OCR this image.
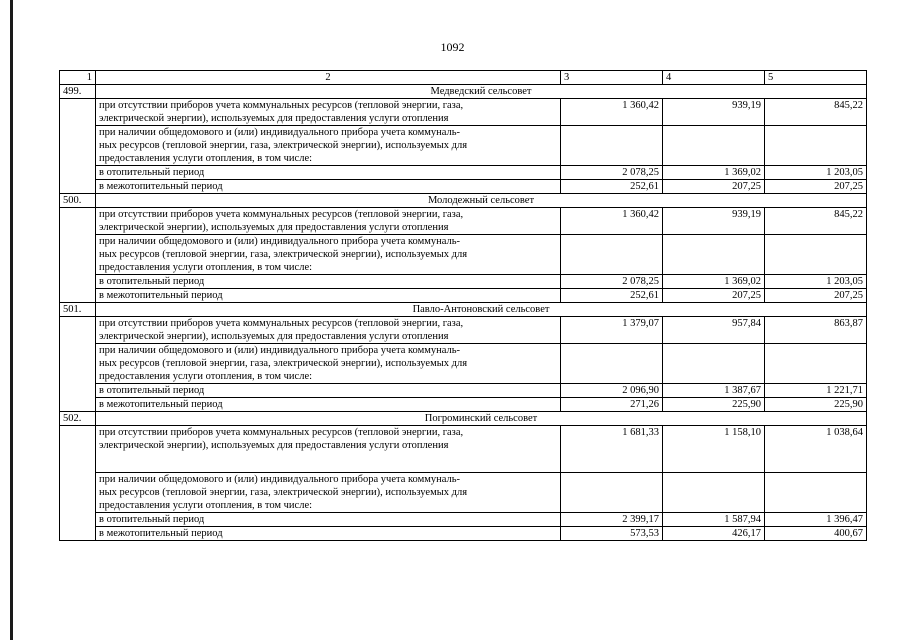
1092
1	2	3	4	5
499.	Медведский сельсовет			

	при отсутствии приборов учета коммунальных ресурсов (тепловой энергии, газа,
электрической энергии), используемых для предоставления услуги отопления	1 360,42	939,19	845,22

	при наличии общедомового и (или) индивидуального прибора учета коммуналь-
ных ресурсов (тепловой энергии, газа, электрической энергии), используемых для
предоставления услуги отопления, в том числе:			

	в отопительный период	2 078,25	1 369,02	1 203,05

	в межотопительный период	252,61	207,25	207,25
500.	Молодежный сельсовет			

	при отсутствии приборов учета коммунальных ресурсов (тепловой энергии, газа,
электрической энергии), используемых для предоставления услуги отопления	1 360,42	939,19	845,22

	при наличии общедомового и (или) индивидуального прибора учета коммуналь-
ных ресурсов (тепловой энергии, газа, электрической энергии), используемых для
предоставления услуги отопления, в том числе:			

	в отопительный период	2 078,25	1 369,02	1 203,05

	в межотопительный период	252,61	207,25	207,25
501.	Павло-Антоновский сельсовет			

	при отсутствии приборов учета коммунальных ресурсов (тепловой энергии, газа,
электрической энергии), используемых для предоставления услуги отопления	1 379,07	957,84	863,87

	при наличии общедомового и (или) индивидуального прибора учета коммуналь-
ных ресурсов (тепловой энергии, газа, электрической энергии), используемых для
предоставления услуги отопления, в том числе:			

	в отопительный период	2 096,90	1 387,67	1 221,71

	в межотопительный период	271,26	225,90	225,90
502.	Погроминский сельсовет			

	при отсутствии приборов учета коммунальных ресурсов (тепловой энергии, газа,
электрической энергии), используемых для предоставления услуги отопления	1 681,33	1 158,10	1 038,64

	при наличии общедомового и (или) индивидуального прибора учета коммуналь-
ных ресурсов (тепловой энергии, газа, электрической энергии), используемых для
предоставления услуги отопления, в том числе:			

	в отопительный период	2 399,17	1 587,94	1 396,47

	в межотопительный период	573,53	426,17	400,67
